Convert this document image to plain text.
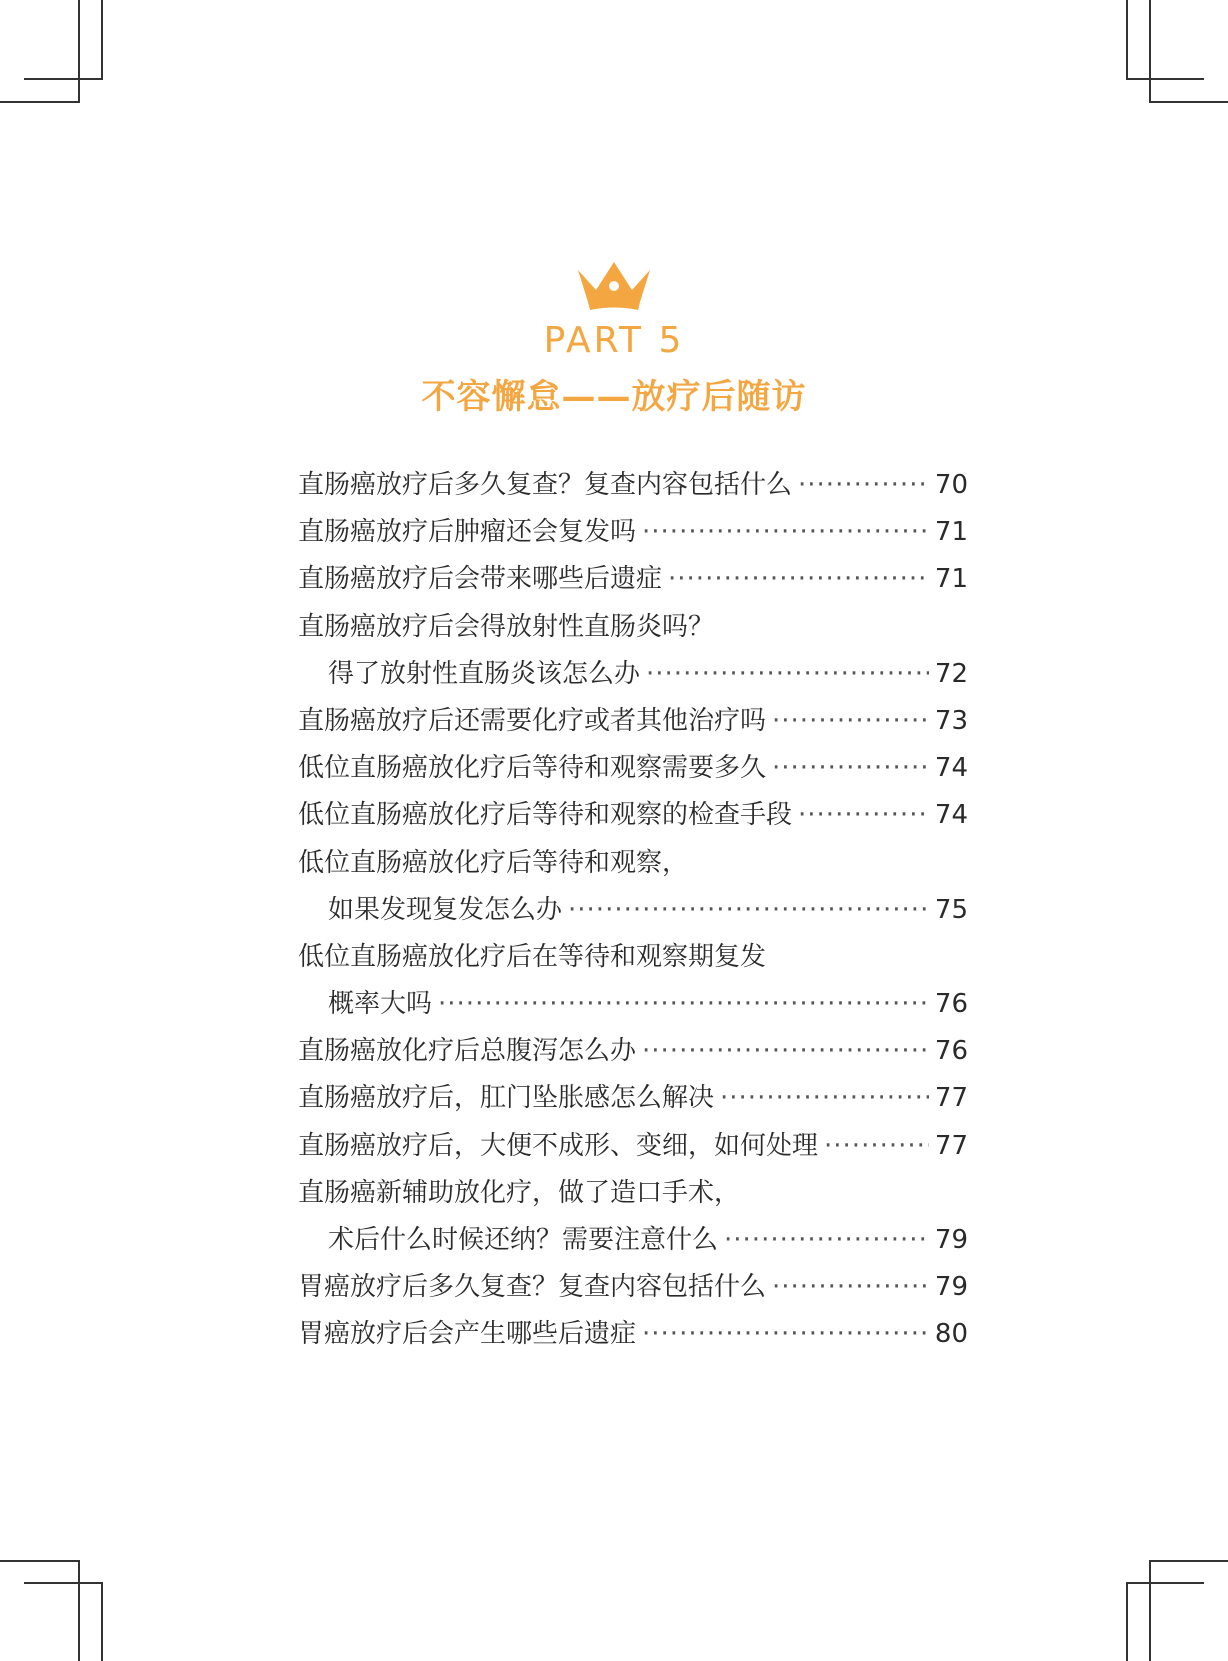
PART 5
不容懈怠——放疗后随访
直肠癌放疗后多久复查？复查内容包括什么 ·····	70
直肠癌放疗后肿瘤还会复发吗 ·····	71
直肠癌放疗后会带来哪些后遗症 ·····	71
直肠癌放疗后会得放射性直肠炎吗？
得了放射性直肠炎该怎么办 ·····	72
直肠癌放疗后还需要化疗或者其他治疗吗 ·····	73
低位直肠癌放化疗后等待和观察需要多久 ·····	74
低位直肠癌放化疗后等待和观察的检查手段 ·····	74
低位直肠癌放化疗后等待和观察，
如果发现复发怎么办 ·····	75
低位直肠癌放化疗后在等待和观察期复发
概率大吗 ·····	76
直肠癌放化疗后总腹泻怎么办 ·····	76
直肠癌放疗后，肛门坠胀感怎么解决 ·····	77
直肠癌放疗后，大便不成形、变细，如何处理 ·····	77
直肠癌新辅助放化疗，做了造口手术，
术后什么时候还纳？需要注意什么 ·····	79
胃癌放疗后多久复查？复查内容包括什么 ·····	79
胃癌放疗后会产生哪些后遗症 ·····	80
